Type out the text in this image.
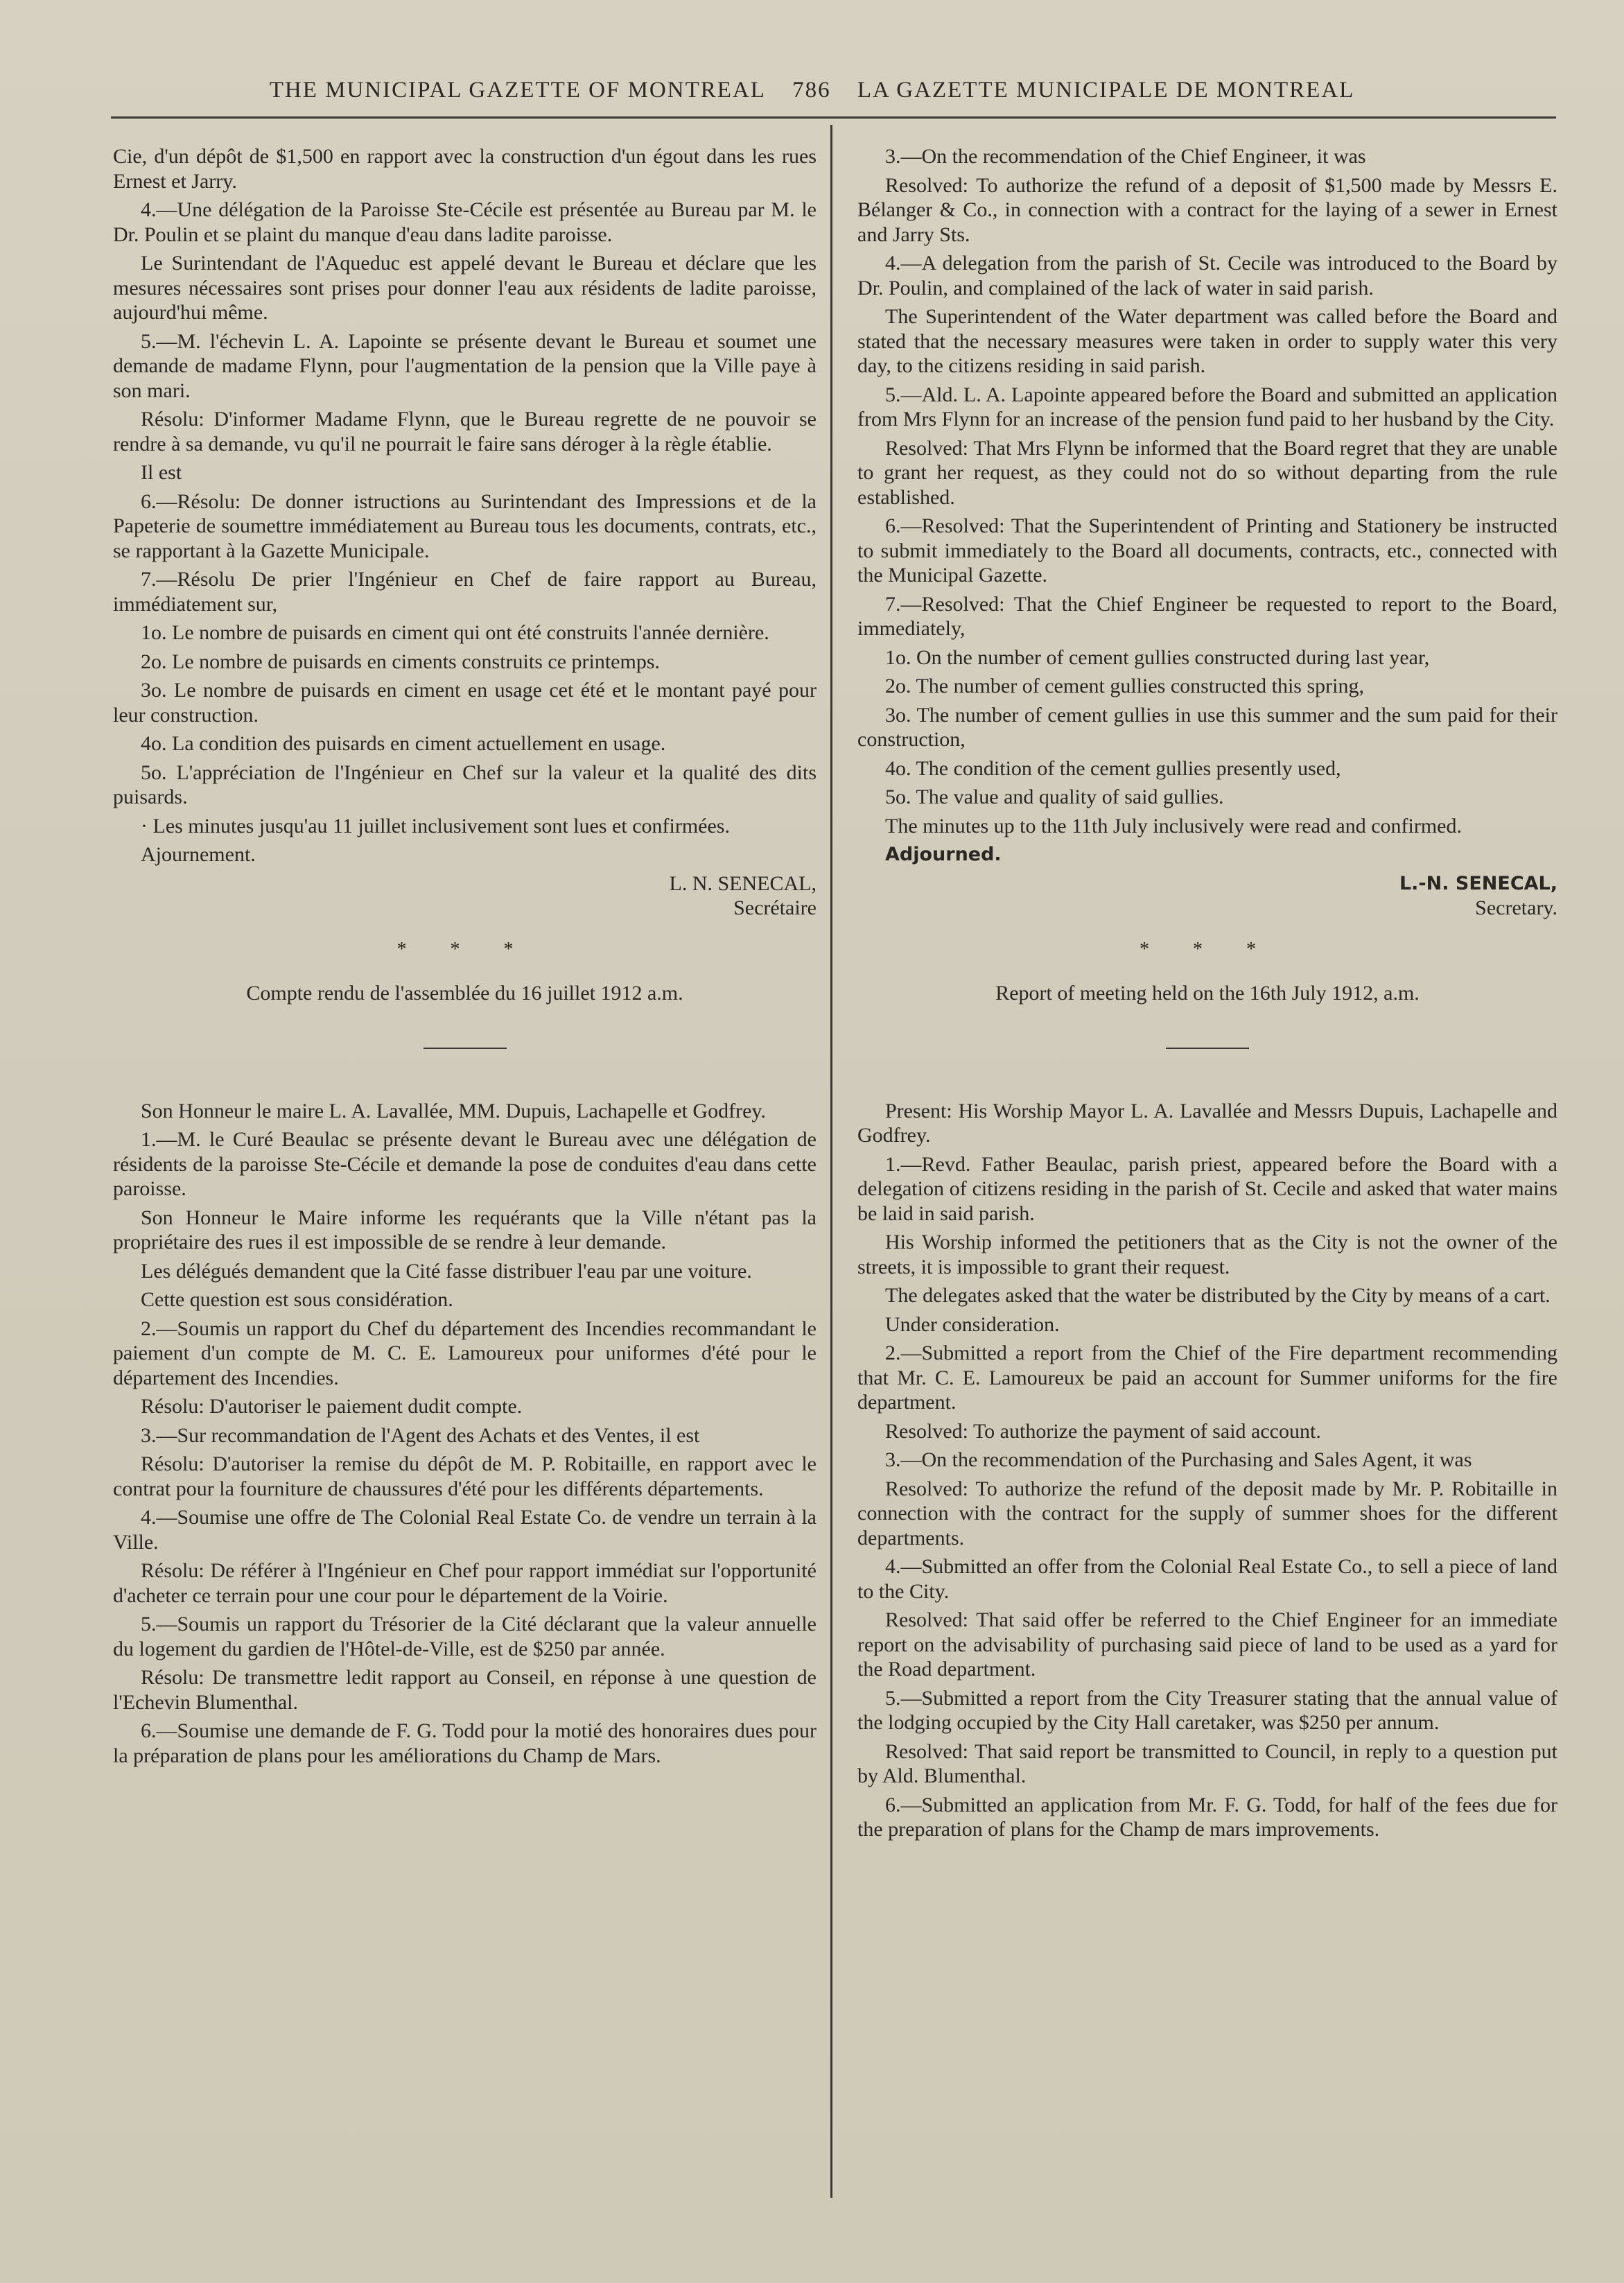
THE MUNICIPAL GAZETTE OF MONTREAL 786 LA GAZETTE MUNICIPALE DE MONTREAL

Cie, d'un dépôt de $1,500 en rapport avec la construction d'un égout dans les rues Ernest et Jarry.

4.—Une délégation de la Paroisse Ste-Cécile est présentée au Bureau par M. le Dr. Poulin et se plaint du manque d'eau dans ladite paroisse.

Le Surintendant de l'Aqueduc est appelé devant le Bureau et déclare que les mesures nécessaires sont prises pour donner l'eau aux résidents de ladite paroisse, aujourd'hui même.

5.—M. l'échevin L. A. Lapointe se présente devant le Bureau et soumet une demande de madame Flynn, pour l'augmentation de la pension que la Ville paye à son mari.

Résolu: D'informer Madame Flynn, que le Bureau regrette de ne pouvoir se rendre à sa demande, vu qu'il ne pourrait le faire sans déroger à la règle établie.

Il est

6.—Résolu: De donner istructions au Surintendant des Impressions et de la Papeterie de soumettre immédiatement au Bureau tous les documents, contrats, etc., se rapportant à la Gazette Municipale.

7.—Résolu De prier l'Ingénieur en Chef de faire rapport au Bureau, immédiatement sur,

1o. Le nombre de puisards en ciment qui ont été construits l'année dernière.

2o. Le nombre de puisards en ciments construits ce printemps.

3o. Le nombre de puisards en ciment en usage cet été et le montant payé pour leur construction.

4o. La condition des puisards en ciment actuellement en usage.

5o. L'appréciation de l'Ingénieur en Chef sur la valeur et la qualité des dits puisards.

· Les minutes jusqu'au 11 juillet inclusivement sont lues et confirmées.

Ajournement.

L. N. SENECAL,

Secrétaire

* * *

Compte rendu de l'assemblée du 16 juillet 1912 a.m.

Son Honneur le maire L. A. Lavallée, MM. Dupuis, Lachapelle et Godfrey.

1.—M. le Curé Beaulac se présente devant le Bureau avec une délégation de résidents de la paroisse Ste-Cécile et demande la pose de conduites d'eau dans cette paroisse.

Son Honneur le Maire informe les requérants que la Ville n'étant pas la propriétaire des rues il est impossible de se rendre à leur demande.

Les délégués demandent que la Cité fasse distribuer l'eau par une voiture.

Cette question est sous considération.

2.—Soumis un rapport du Chef du département des Incendies recommandant le paiement d'un compte de M. C. E. Lamoureux pour uniformes d'été pour le département des Incendies.

Résolu: D'autoriser le paiement dudit compte.

3.—Sur recommandation de l'Agent des Achats et des Ventes, il est

Résolu: D'autoriser la remise du dépôt de M. P. Robitaille, en rapport avec le contrat pour la fourniture de chaussures d'été pour les différents départements.

4.—Soumise une offre de The Colonial Real Estate Co. de vendre un terrain à la Ville.

Résolu: De référer à l'Ingénieur en Chef pour rapport immédiat sur l'opportunité d'acheter ce terrain pour une cour pour le département de la Voirie.

5.—Soumis un rapport du Trésorier de la Cité déclarant que la valeur annuelle du logement du gardien de l'Hôtel-de-Ville, est de $250 par année.

Résolu: De transmettre ledit rapport au Conseil, en réponse à une question de l'Echevin Blumenthal.

6.—Soumise une demande de F. G. Todd pour la motié des honoraires dues pour la préparation de plans pour les améliorations du Champ de Mars.

3.—On the recommendation of the Chief Engineer, it was

Resolved: To authorize the refund of a deposit of $1,500 made by Messrs E. Bélanger & Co., in connection with a contract for the laying of a sewer in Ernest and Jarry Sts.

4.—A delegation from the parish of St. Cecile was introduced to the Board by Dr. Poulin, and complained of the lack of water in said parish.

The Superintendent of the Water department was called before the Board and stated that the necessary measures were taken in order to supply water this very day, to the citizens residing in said parish.

5.—Ald. L. A. Lapointe appeared before the Board and submitted an application from Mrs Flynn for an increase of the pension fund paid to her husband by the City.

Resolved: That Mrs Flynn be informed that the Board regret that they are unable to grant her request, as they could not do so without departing from the rule established.

6.—Resolved: That the Superintendent of Printing and Stationery be instructed to submit immediately to the Board all documents, contracts, etc., connected with the Municipal Gazette.

7.—Resolved: That the Chief Engineer be requested to report to the Board, immediately,

1o. On the number of cement gullies constructed during last year,

2o. The number of cement gullies constructed this spring,

3o. The number of cement gullies in use this summer and the sum paid for their construction,

4o. The condition of the cement gullies presently used,

5o. The value and quality of said gullies.

The minutes up to the 11th July inclusively were read and confirmed.

Adjourned.

L.-N. SENECAL,

Secretary.

* * *

Report of meeting held on the 16th July 1912, a.m.

Present: His Worship Mayor L. A. Lavallée and Messrs Dupuis, Lachapelle and Godfrey.

1.—Revd. Father Beaulac, parish priest, appeared before the Board with a delegation of citizens residing in the parish of St. Cecile and asked that water mains be laid in said parish.

His Worship informed the petitioners that as the City is not the owner of the streets, it is impossible to grant their request.

The delegates asked that the water be distributed by the City by means of a cart.

Under consideration.

2.—Submitted a report from the Chief of the Fire department recommending that Mr. C. E. Lamoureux be paid an account for Summer uniforms for the fire department.

Resolved: To authorize the payment of said account.

3.—On the recommendation of the Purchasing and Sales Agent, it was

Resolved: To authorize the refund of the deposit made by Mr. P. Robitaille in connection with the contract for the supply of summer shoes for the different departments.

4.—Submitted an offer from the Colonial Real Estate Co., to sell a piece of land to the City.

Resolved: That said offer be referred to the Chief Engineer for an immediate report on the advisability of purchasing said piece of land to be used as a yard for the Road department.

5.—Submitted a report from the City Treasurer stating that the annual value of the lodging occupied by the City Hall caretaker, was $250 per annum.

Resolved: That said report be transmitted to Council, in reply to a question put by Ald. Blumenthal.

6.—Submitted an application from Mr. F. G. Todd, for half of the fees due for the preparation of plans for the Champ de mars improvements.
